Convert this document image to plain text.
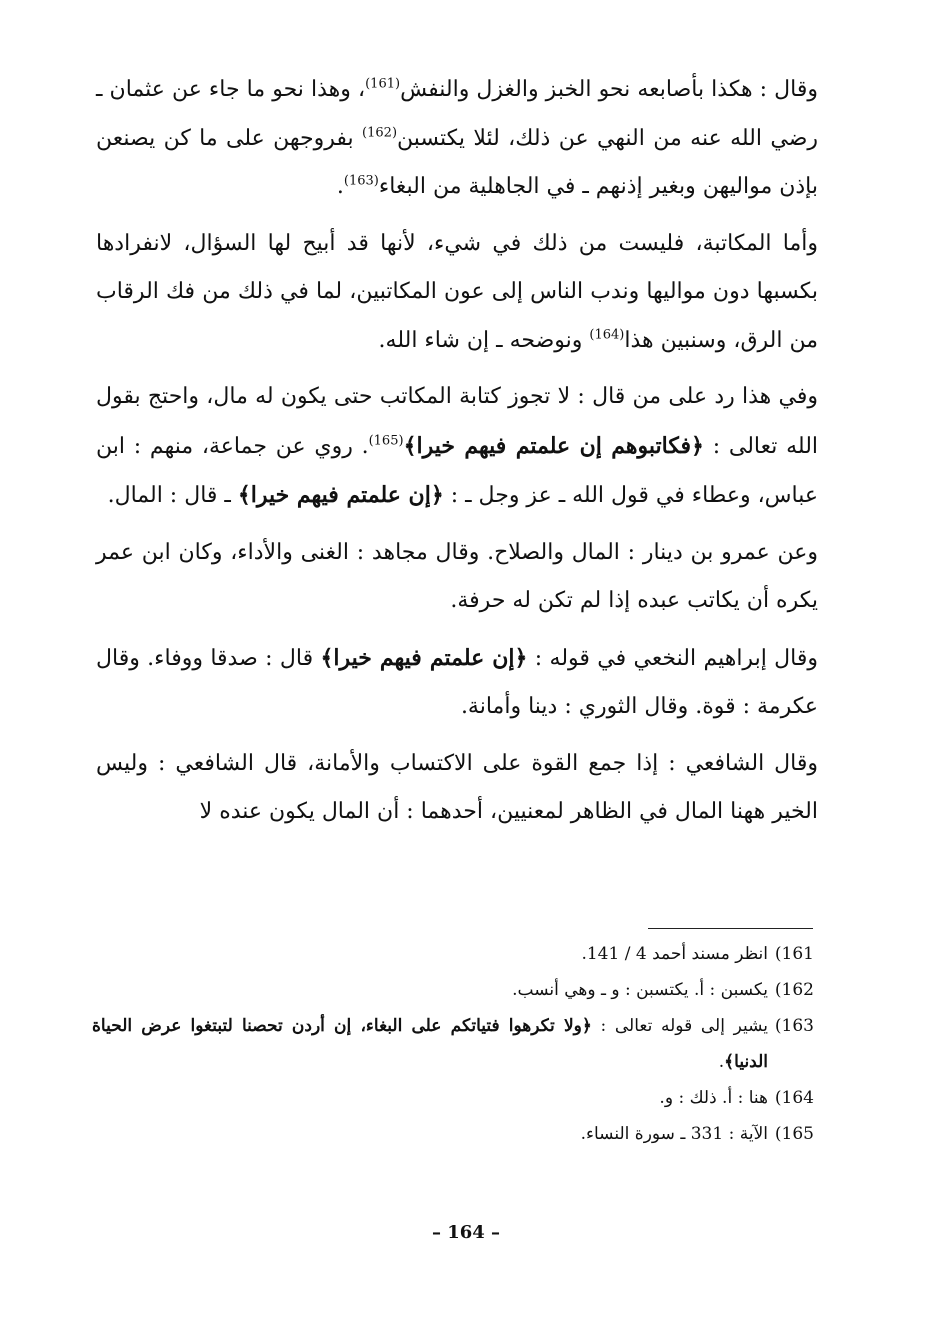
وقال : هكذا بأصابعه نحو الخبز والغزل والنفش$^{(161)}$، وهذا نحو ما جاء عن عثمان ـ رضي الله عنه من النهي عن ذلك، لئلا يكتسبن$^{(162)}$ بفروجهن على ما كن يصنعن بإذن مواليهن وبغير إذنهم ـ في الجاهلية من البغاء$^{(163)}$.

وأما المكاتبة، فليست من ذلك في شيء، لأنها قد أبيح لها السؤال، لانفرادها بكسبها دون مواليها وندب الناس إلى عون المكاتبين، لما في ذلك من فك الرقاب من الرق، وسنبين هذا$^{(164)}$ ونوضحه ـ إن شاء الله.

وفي هذا رد على من قال : لا تجوز كتابة المكاتب حتى يكون له مال، واحتج بقول الله تعالى : ﴿فكاتبوهم إن علمتم فيهم خيرا﴾$^{(165)}$. روي عن جماعة، منهم : ابن عباس، وعطاء في قول الله ـ عز وجل ـ : ﴿إن علمتم فيهم خيرا﴾ ـ قال : المال.

وعن عمرو بن دينار : المال والصلاح. وقال مجاهد : الغنى والأداء، وكان ابن عمر يكره أن يكاتب عبده إذا لم تكن له حرفة.

وقال إبراهيم النخعي في قوله : ﴿إن علمتم فيهم خيرا﴾ قال : صدقا ووفاء. وقال عكرمة : قوة. وقال الثوري : دينا وأمانة.

وقال الشافعي : إذا جمع القوة على الاكتساب والأمانة، قال الشافعي : وليس الخير ههنا المال في الظاهر لمعنيين، أحدهما : أن المال يكون عنده لا

161)
انظر مسند أحمد 4 / 141.
162)
يكسبن : أ. يكتسبن : و ـ وهي أنسب.
163)
يشير إلى قوله تعالى : ﴿ولا تكرهوا فتياتكم على البغاء، إن أردن تحصنا لتبتغوا عرض الحياة الدنيا﴾.
164)
هنا : أ. ذلك : و.
165)
الآية : 331 ـ سورة النساء.
– 164 –
